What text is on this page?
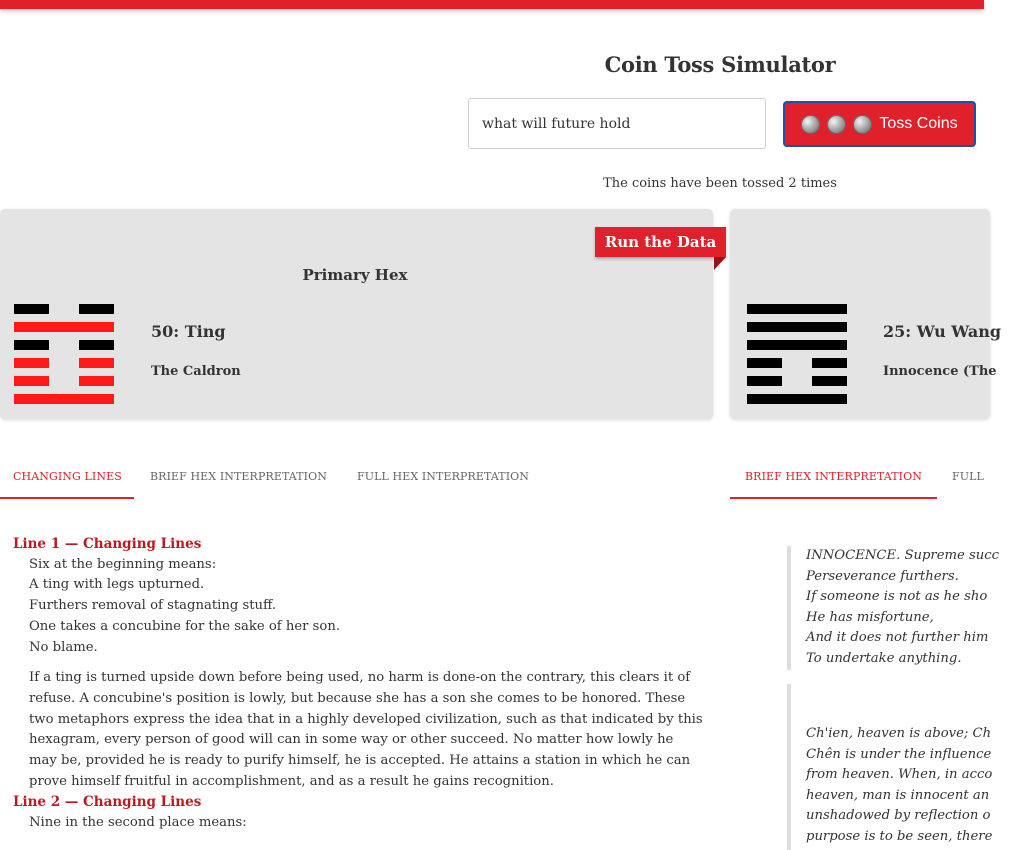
Coin Toss Simulator
what will future hold
Toss Coins
The coins have been tossed 2 times
Run the Data
Primary Hex
50: Ting
The Caldron
25: Wu Wang
Innocence (The
CHANGING LINES	BRIEF HEX INTERPRETATION	FULL HEX INTERPRETATION	BRIEF HEX INTERPRETATION	FULL
Line 1 — Changing Lines
Six at the beginning means:
A ting with legs upturned.
Furthers removal of stagnating stuff.
One takes a concubine for the sake of her son.
No blame.
If a ting is turned upside down before being used, no harm is done-on the contrary, this clears it of refuse. A concubine's position is lowly, but because she has a son she comes to be honored. These two metaphors express the idea that in a highly developed civilization, such as that indicated by this hexagram, every person of good will can in some way or other succeed. No matter how lowly he may be, provided he is ready to purify himself, he is accepted. He attains a station in which he can prove himself fruitful in accomplishment, and as a result he gains recognition.
Line 2 — Changing Lines
Nine in the second place means:
INNOCENCE. Supreme succ
Perseverance furthers.
If someone is not as he sho
He has misfortune,
And it does not further him
To undertake anything.
Ch'ien, heaven is above; Ch
Chên is under the influence
from heaven. When, in acco
heaven, man is innocent an
unshadowed by reflection o
purpose is to be seen, there
